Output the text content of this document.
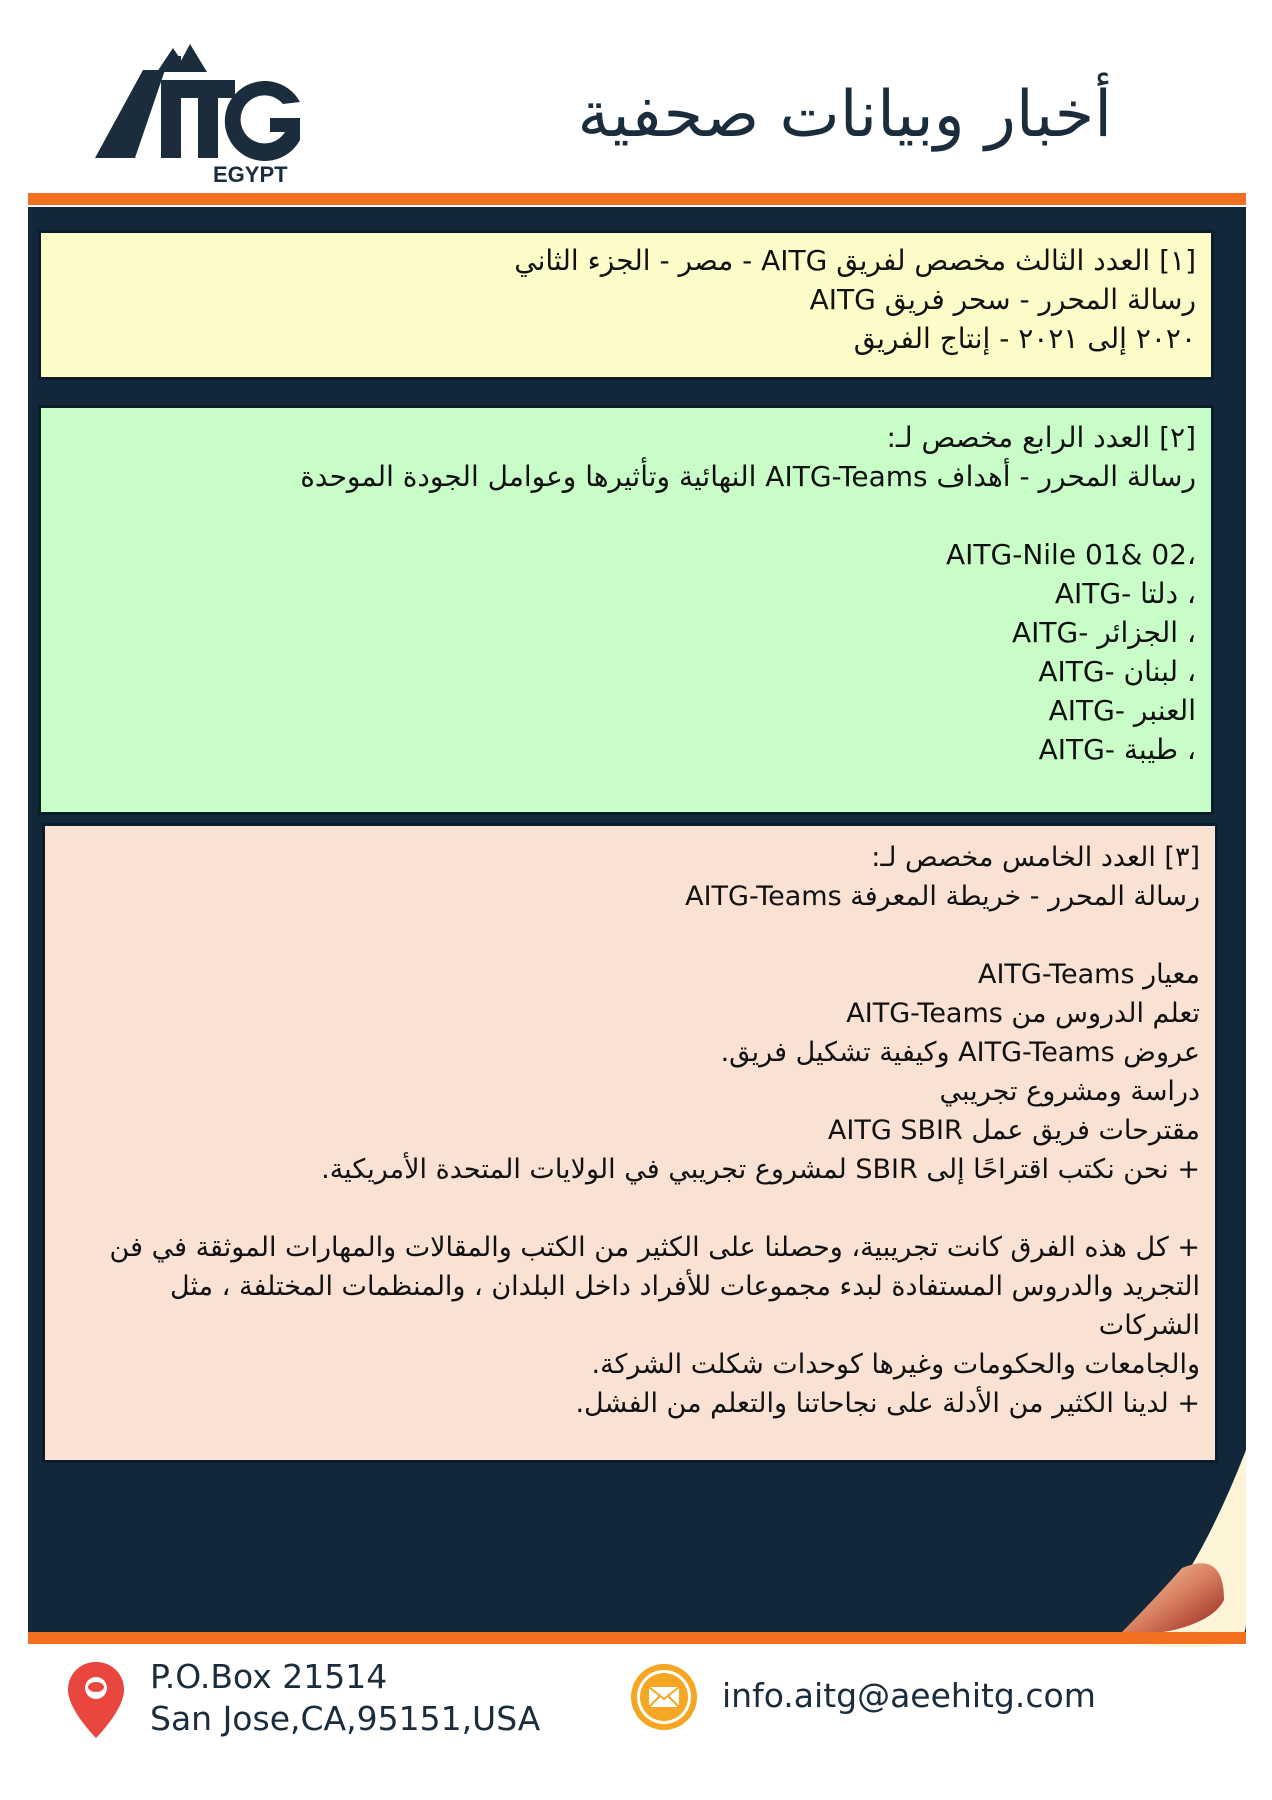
EGYPT
أخبار وبيانات صحفية

[١] العدد الثالث مخصص لفريق AITG - مصر - الجزء الثاني

رسالة المحرر - سحر فريق AITG

٢٠٢٠ إلى ٢٠٢١ - إنتاج الفريق

[٢] العدد الرابع مخصص لـ:

رسالة المحرر - أهداف AITG-Teams النهائية وتأثيرها وعوامل الجودة الموحدة

AITG-Nile 01& 02،

AITG- دلتا ،

AITG- الجزائر ،

AITG- لبنان ،

AITG- العنبر

AITG- طيبة ،

[٣] العدد الخامس مخصص لـ:

رسالة المحرر - خريطة المعرفة AITG-Teams

معيار AITG-Teams

تعلم الدروس من AITG-Teams

عروض AITG-Teams وكيفية تشكيل فريق.

دراسة ومشروع تجريبي

مقترحات فريق عمل AITG SBIR

+ نحن نكتب اقتراحًا إلى SBIR لمشروع تجريبي في الولايات المتحدة الأمريكية.

+ كل هذه الفرق كانت تجريبية، وحصلنا على الكثير من الكتب والمقالات والمهارات الموثقة في فن

التجريد والدروس المستفادة لبدء مجموعات للأفراد داخل البلدان ، والمنظمات المختلفة ، مثل الشركات

والجامعات والحكومات وغيرها كوحدات شكلت الشركة.

+ لدينا الكثير من الأدلة على نجاحاتنا والتعلم من الفشل.

P.O.Box 21514
San Jose,CA,95151,USA
info.aitg@aeehitg.com
